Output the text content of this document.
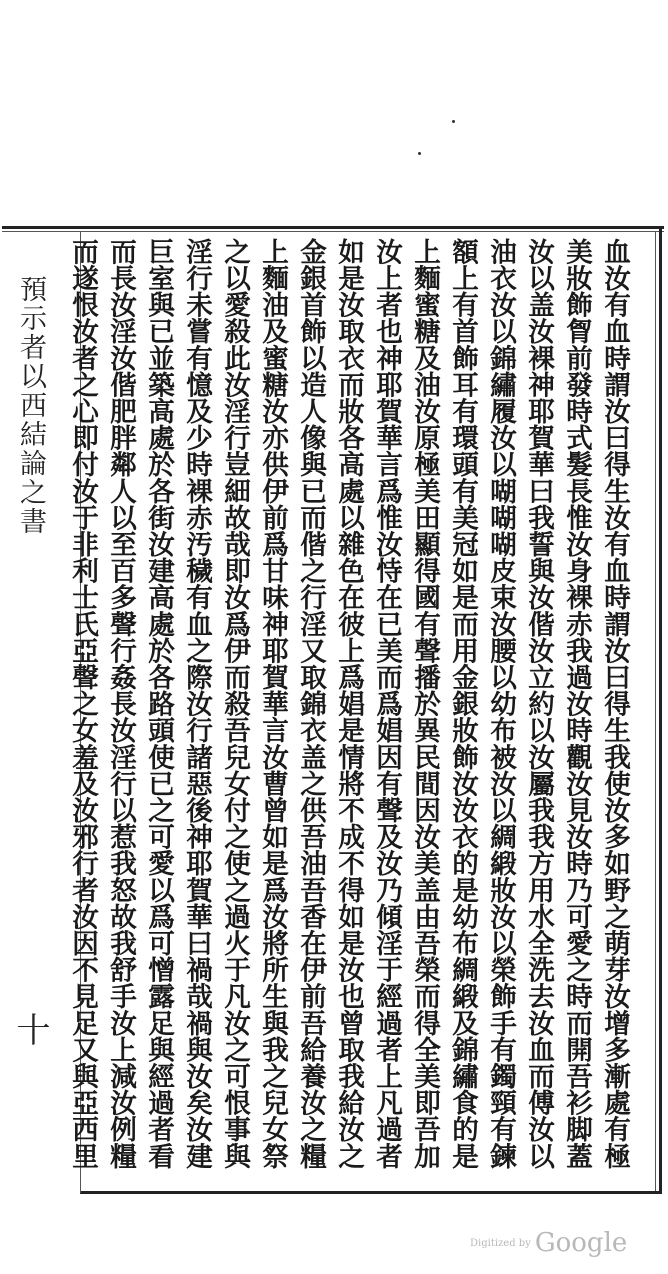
預示者以西結論之書
十	血汝有血時謂汝曰得生汝有血時謂汝曰得生我使汝多如野之萌芽汝增多漸處有極
美妝飾胷前發時式髮長惟汝身裸赤我過汝時觀汝見汝時乃可愛之時而開吾衫脚蓋
汝以盖汝裸神耶賀華曰我誓與汝偕汝立約以汝屬我我方用水全洗去汝血而傅汝以
油衣汝以錦繡履汝以㗅㗅㗅皮束汝腰以幼布被汝以綢緞妝汝以榮飾手有鐲頸有鍊
額上有首飾耳有環頭有美冠如是而用金銀妝飾汝汝衣的是幼布綢緞及錦繡食的是
上麵蜜糖及油汝原極美田顯得國有聲播於異民間因汝美盖由吾榮而得全美即吾加
汝上者也神耶賀華言爲惟汝恃在已美而爲娼因有聲及汝乃傾淫于經過者上凡過者
如是汝取衣而妝各高處以雜色在彼上爲娼是情將不成不得如是汝也曾取我給汝之
金銀首飾以造人像與已而偕之行淫又取錦衣盖之供吾油吾香在伊前吾給養汝之糧
上麵油及蜜糖汝亦供伊前爲甘味神耶賀華言汝曹曾如是爲汝將所生與我之兒女祭
之以愛殺此汝淫行豈細故哉即汝爲伊而殺吾兒女付之使之過火于凡汝之可恨事與
淫行未嘗有憶及少時裸赤汚穢有血之際汝行諸惡後神耶賀華曰禍哉禍與汝矣汝建
巨室與已並築高處於各街汝建高處於各路頭使已之可愛以爲可憎露足與經過者看
而長汝淫汝偕肥胖鄰人以至百多聲行姦長汝淫行以惹我怒故我舒手汝上減汝例糧
而遂恨汝者之心即付汝于非利士氏亞聲之女羞及汝邪行者汝因不見足又與亞西里
Digitized by Google
